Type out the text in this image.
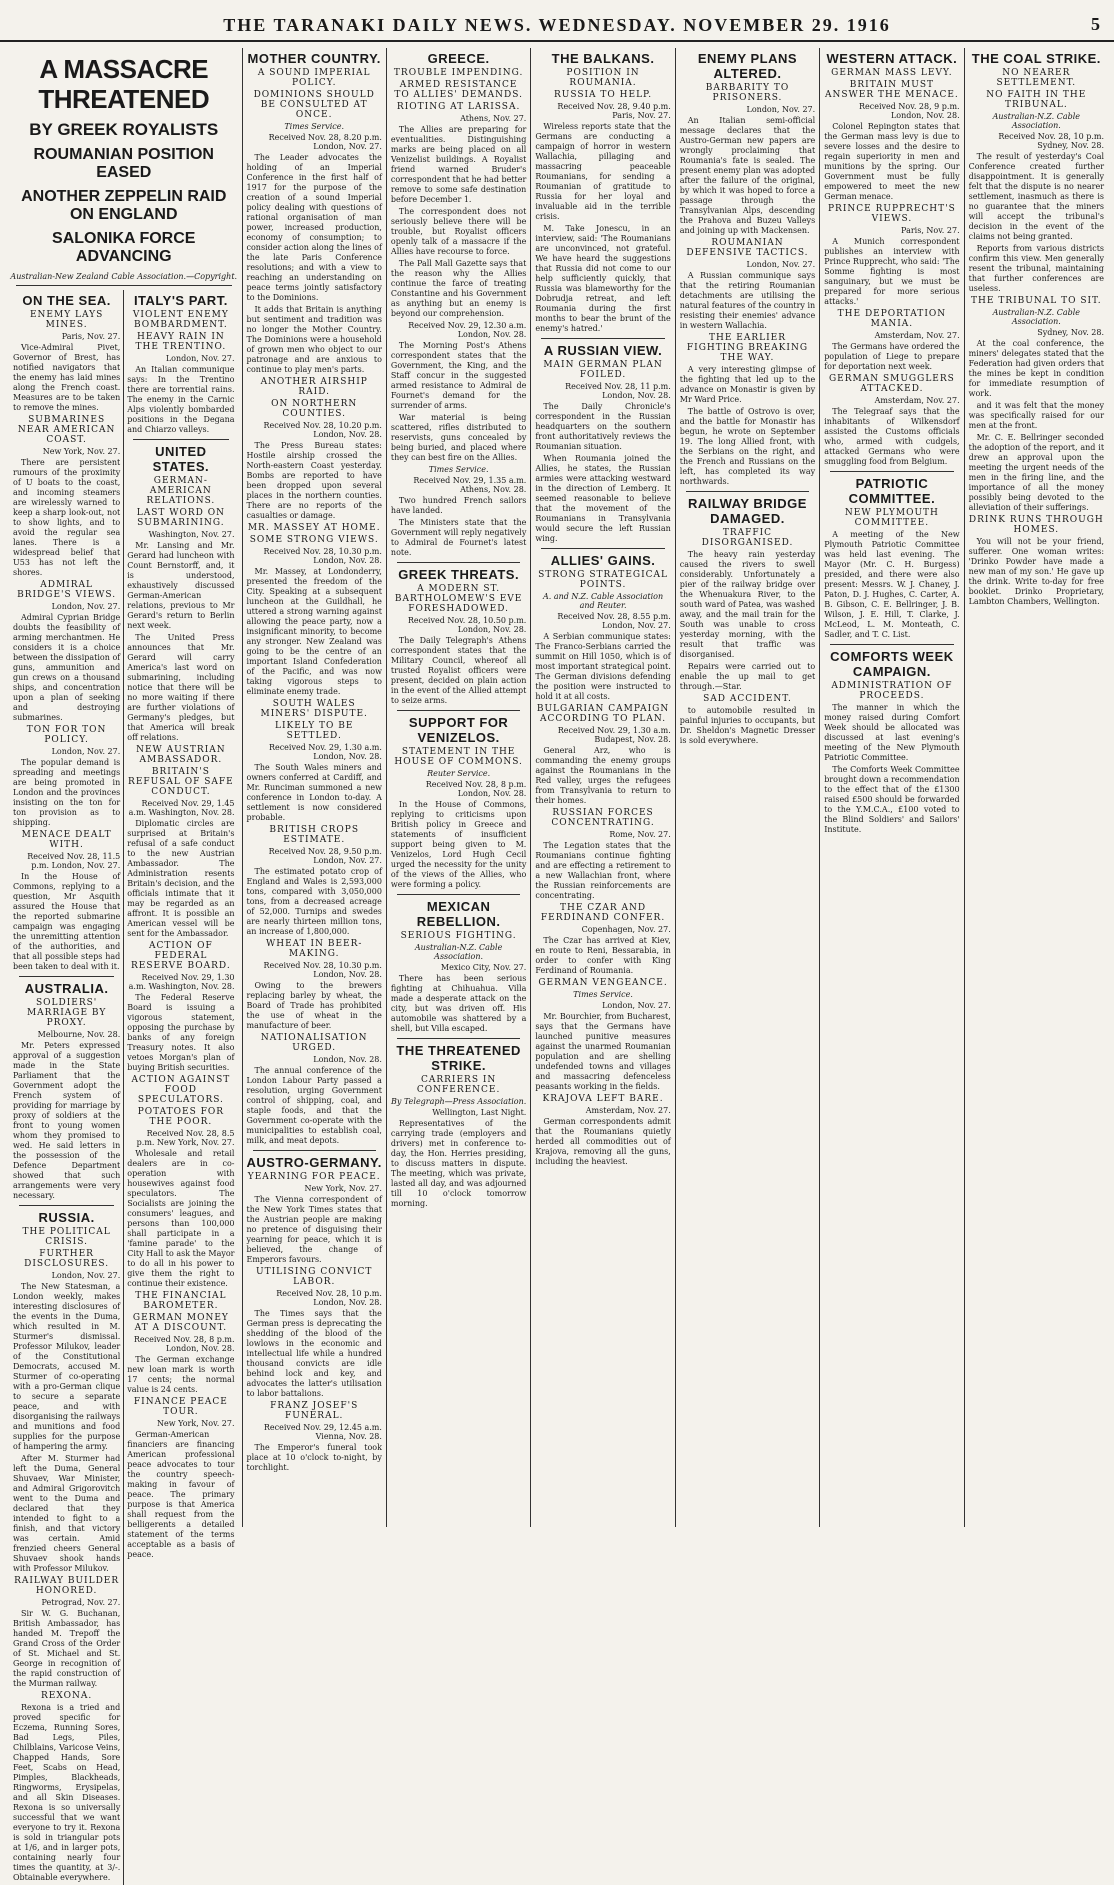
THE TARANAKI DAILY NEWS. WEDNESDAY. NOVEMBER 29. 1916	5
A MASSACRE THREATENED
BY GREEK ROYALISTS
ROUMANIAN POSITION EASED
ANOTHER ZEPPELIN RAID ON ENGLAND
SALONIKA FORCE ADVANCING
Australian-New Zealand Cable Association.—Copyright.
ON THE SEA.
ENEMY LAYS MINES.
Paris, Nov. 27.

Vice-Admiral Pivet, Governor of Brest, has notified navigators that the enemy has laid mines along the French coast. Measures are to be taken to remove the mines.

SUBMARINES NEAR AMERICAN COAST.
New York, Nov. 27.

There are persistent rumours of the proximity of U boats to the coast, and incoming steamers are wirelessly warned to keep a sharp look-out, not to show lights, and to avoid the regular sea lanes. There is a widespread belief that U53 has not left the shores.

ADMIRAL BRIDGE'S VIEWS.
London, Nov. 27.

Admiral Cyprian Bridge doubts the feasibility of arming merchantmen. He considers it is a choice between the dissipation of guns, ammunition and gun crews on a thousand ships, and concentration upon a plan of seeking and destroying submarines.

TON FOR TON POLICY.
London, Nov. 27.

The popular demand is spreading and meetings are being promoted in London and the provinces insisting on the ton for ton provision as to shipping.

MENACE DEALT WITH.
Received Nov. 28, 11.5 p.m. London, Nov. 27.

In the House of Commons, replying to a question, Mr Asquith assured the House that the reported submarine campaign was engaging the unremitting attention of the authorities, and that all possible steps had been taken to deal with it.

AUSTRALIA.
SOLDIERS' MARRIAGE BY PROXY.
Melbourne, Nov. 28.

Mr. Peters expressed approval of a suggestion made in the State Parliament that the Government adopt the French system of providing for marriage by proxy of soldiers at the front to young women whom they promised to wed. He said letters in the possession of the Defence Department showed that such arrangements were very necessary.

RUSSIA.
THE POLITICAL CRISIS.
FURTHER DISCLOSURES.
London, Nov. 27.

The New Statesman, a London weekly, makes interesting disclosures of the events in the Duma, which resulted in M. Sturmer's dismissal. Professor Milukov, leader of the Constitutional Democrats, accused M. Sturmer of co-operating with a pro-German clique to secure a separate peace, and with disorganising the railways and munitions and food supplies for the purpose of hampering the army.

After M. Sturmer had left the Duma, General Shuvaev, War Minister, and Admiral Grigorovitch went to the Duma and declared that they intended to fight to a finish, and that victory was certain. Amid frenzied cheers General Shuvaev shook hands with Professor Milukov.

RAILWAY BUILDER HONORED.
Petrograd, Nov. 27.

Sir W. G. Buchanan, British Ambassador, has handed M. Trepoff the Grand Cross of the Order of St. Michael and St. George in recognition of the rapid construction of the Murman railway.

REXONA.

Rexona is a tried and proved specific for Eczema, Running Sores, Bad Legs, Piles, Chilblains, Varicose Veins, Chapped Hands, Sore Feet, Scabs on Head, Pimples, Blackheads, Ringworms, Erysipelas, and all Skin Diseases. Rexona is so universally successful that we want everyone to try it. Rexona is sold in triangular pots at 1/6, and in larger pots, containing nearly four times the quantity, at 3/-. Obtainable everywhere.

ITALY'S PART.
VIOLENT ENEMY BOMBARDMENT.
HEAVY RAIN IN THE TRENTINO.
London, Nov. 27.

An Italian communique says: In the Trentino there are torrential rains. The enemy in the Carnic Alps violently bombarded positions in the Degana and Chiarzo valleys.

UNITED STATES.
GERMAN-AMERICAN RELATIONS.
LAST WORD ON SUBMARINING.
Washington, Nov. 27.

Mr. Lansing and Mr. Gerard had luncheon with Count Bernstorff, and, it is understood, exhaustively discussed German-American relations, previous to Mr Gerard's return to Berlin next week.

The United Press announces that Mr. Gerard will carry America's last word on submarining, including notice that there will be no more waiting if there are further violations of Germany's pledges, but that America will break off relations.

NEW AUSTRIAN AMBASSADOR.
BRITAIN'S REFUSAL OF SAFE CONDUCT.
Received Nov. 29, 1.45 a.m. Washington, Nov. 28.

Diplomatic circles are surprised at Britain's refusal of a safe conduct to the new Austrian Ambassador. The Administration resents Britain's decision, and the officials intimate that it may be regarded as an affront. It is possible an American vessel will be sent for the Ambassador.

ACTION OF FEDERAL RESERVE BOARD.
Received Nov. 29, 1.30 a.m. Washington, Nov. 28.

The Federal Reserve Board is issuing a vigorous statement, opposing the purchase by banks of any foreign Treasury notes. It also vetoes Morgan's plan of buying British securities.

ACTION AGAINST FOOD SPECULATORS.
POTATOES FOR THE POOR.
Received Nov. 28, 8.5 p.m. New York, Nov. 27.

Wholesale and retail dealers are in co-operation with housewives against food speculators. The Socialists are joining the consumers' leagues, and persons than 100,000 shall participate in a 'famine parade' to the City Hall to ask the Mayor to do all in his power to give them the right to continue their existence.

THE FINANCIAL BAROMETER.
GERMAN MONEY AT A DISCOUNT.
Received Nov. 28, 8 p.m. London, Nov. 28.

The German exchange new loan mark is worth 17 cents; the normal value is 24 cents.

FINANCE PEACE TOUR.
New York, Nov. 27.

German-American financiers are financing American professional peace advocates to tour the country speech-making in favour of peace. The primary purpose is that America shall request from the belligerents a detailed statement of the terms acceptable as a basis of peace.

MOTHER COUNTRY.
A SOUND IMPERIAL POLICY.
DOMINIONS SHOULD BE CONSULTED AT ONCE.
Times Service.
Received Nov. 28, 8.20 p.m. London, Nov. 27.

The Leader advocates the holding of an Imperial Conference in the first half of 1917 for the purpose of the creation of a sound Imperial policy dealing with questions of rational organisation of man power, increased production, economy of consumption; to consider action along the lines of the late Paris Conference resolutions; and with a view to reaching an understanding on peace terms jointly satisfactory to the Dominions.

It adds that Britain is anything but sentiment and tradition was no longer the Mother Country. The Dominions were a household of grown men who object to our patronage and are anxious to continue to play men's parts.

ANOTHER AIRSHIP RAID.
ON NORTHERN COUNTIES.
Received Nov. 28, 10.20 p.m. London, Nov. 28.

The Press Bureau states: Hostile airship crossed the North-eastern Coast yesterday. Bombs are reported to have been dropped upon several places in the northern counties. There are no reports of the casualties or damage.

MR. MASSEY AT HOME.
SOME STRONG VIEWS.
Received Nov. 28, 10.30 p.m. London, Nov. 28.

Mr. Massey, at Londonderry, presented the freedom of the City. Speaking at a subsequent luncheon at the Guildhall, he uttered a strong warning against allowing the peace party, now a insignificant minority, to become any stronger. New Zealand was going to be the centre of an important Island Confederation of the Pacific, and was now taking vigorous steps to eliminate enemy trade.

SOUTH WALES MINERS' DISPUTE.
LIKELY TO BE SETTLED.
Received Nov. 29, 1.30 a.m. London, Nov. 28.

The South Wales miners and owners conferred at Cardiff, and Mr. Runciman summoned a new conference in London to-day. A settlement is now considered probable.

BRITISH CROPS ESTIMATE.
Received Nov. 28, 9.50 p.m. London, Nov. 27.

The estimated potato crop of England and Wales is 2,593,000 tons, compared with 3,050,000 tons, from a decreased acreage of 52,000. Turnips and swedes are nearly thirteen million tons, an increase of 1,800,000.

WHEAT IN BEER-MAKING.
Received Nov. 28, 10.30 p.m. London, Nov. 28.

Owing to the brewers replacing barley by wheat, the Board of Trade has prohibited the use of wheat in the manufacture of beer.

NATIONALISATION URGED.
London, Nov. 28.

The annual conference of the London Labour Party passed a resolution, urging Government control of shipping, coal, and staple foods, and that the Government co-operate with the municipalities to establish coal, milk, and meat depots.

AUSTRO-GERMANY.
YEARNING FOR PEACE.
New York, Nov. 27.

The Vienna correspondent of the New York Times states that the Austrian people are making no pretence of disguising their yearning for peace, which it is believed, the change of Emperors favours.

UTILISING CONVICT LABOR.
Received Nov. 28, 10 p.m. London, Nov. 28.

The Times says that the German press is deprecating the shedding of the blood of the lowlows in the economic and intellectual life while a hundred thousand convicts are idle behind lock and key, and advocates the latter's utilisation to labor battalions.

FRANZ JOSEF'S FUNERAL.
Received Nov. 29, 12.45 a.m. Vienna, Nov. 28.

The Emperor's funeral took place at 10 o'clock to-night, by torchlight.

GREECE.
TROUBLE IMPENDING.
ARMED RESISTANCE TO ALLIES' DEMANDS.
RIOTING AT LARISSA.
Athens, Nov. 27.

The Allies are preparing for eventualities. Distinguishing marks are being placed on all Venizelist buildings. A Royalist friend warned Bruder's correspondent that he had better remove to some safe destination before December 1.

The correspondent does not seriously believe there will be trouble, but Royalist officers openly talk of a massacre if the Allies have recourse to force.

The Pall Mall Gazette says that the reason why the Allies continue the farce of treating Constantine and his Government as anything but an enemy is beyond our comprehension.

Received Nov. 29, 12.30 a.m. London, Nov. 28.

The Morning Post's Athens correspondent states that the Government, the King, and the Staff concur in the suggested armed resistance to Admiral de Fournet's demand for the surrender of arms.

War material is being scattered, rifles distributed to reservists, guns concealed by being buried, and placed where they can best fire on the Allies.

Times Service.
Received Nov. 29, 1.35 a.m. Athens, Nov. 28.

Two hundred French sailors have landed.

The Ministers state that the Government will reply negatively to Admiral de Fournet's latest note.

GREEK THREATS.
A MODERN ST. BARTHOLOMEW'S EVE FORESHADOWED.
Received Nov. 28, 10.50 p.m. London, Nov. 28.

The Daily Telegraph's Athens correspondent states that the Military Council, whereof all trusted Royalist officers were present, decided on plain action in the event of the Allied attempt to seize arms.

SUPPORT FOR VENIZELOS.
STATEMENT IN THE HOUSE OF COMMONS.
Reuter Service.
Received Nov. 28, 8 p.m. London, Nov. 28.

In the House of Commons, replying to criticisms upon British policy in Greece and statements of insufficient support being given to M. Venizelos, Lord Hugh Cecil urged the necessity for the unity of the views of the Allies, who were forming a policy.

MEXICAN REBELLION.
SERIOUS FIGHTING.
Australian-N.Z. Cable Association.
Mexico City, Nov. 27.

There has been serious fighting at Chihuahua. Villa made a desperate attack on the city, but was driven off. His automobile was shattered by a shell, but Villa escaped.

THE THREATENED STRIKE.
CARRIERS IN CONFERENCE.
By Telegraph—Press Association.
Wellington, Last Night.

Representatives of the carrying trade (employers and drivers) met in conference to-day, the Hon. Herries presiding, to discuss matters in dispute. The meeting, which was private, lasted all day, and was adjourned till 10 o'clock tomorrow morning.

THE BALKANS.
POSITION IN ROUMANIA.
RUSSIA TO HELP.
Received Nov. 28, 9.40 p.m. Paris, Nov. 27.

Wireless reports state that the Germans are conducting a campaign of horror in western Wallachia, pillaging and massacring peaceable Roumanians, for sending a Roumanian of gratitude to Russia for her loyal and invaluable aid in the terrible crisis.

M. Take Jonescu, in an interview, said: 'The Roumanians are unconvinced, not grateful. We have heard the suggestions that Russia did not come to our help sufficiently quickly, that Russia was blameworthy for the Dobrudja retreat, and left Roumania during the first months to bear the brunt of the enemy's hatred.'

A RUSSIAN VIEW.
MAIN GERMAN PLAN FOILED.
Received Nov. 28, 11 p.m. London, Nov. 28.

The Daily Chronicle's correspondent in the Russian headquarters on the southern front authoritatively reviews the Roumanian situation.

When Roumania joined the Allies, he states, the Russian armies were attacking westward in the direction of Lemberg. It seemed reasonable to believe that the movement of the Roumanians in Transylvania would secure the left Russian wing.

ALLIES' GAINS.
STRONG STRATEGICAL POINTS.
A. and N.Z. Cable Association and Reuter.
Received Nov. 28, 8.55 p.m. London, Nov. 27.

A Serbian communique states: The Franco-Serbians carried the summit on Hill 1050, which is of most important strategical point. The German divisions defending the position were instructed to hold it at all costs.

BULGARIAN CAMPAIGN ACCORDING TO PLAN.
Received Nov. 29, 1.30 a.m. Budapest, Nov. 28.

General Arz, who is commanding the enemy groups against the Roumanians in the Red valley, urges the refugees from Transylvania to return to their homes.

RUSSIAN FORCES CONCENTRATING.
Rome, Nov. 27.

The Legation states that the Roumanians continue fighting and are effecting a retirement to a new Wallachian front, where the Russian reinforcements are concentrating.

THE CZAR AND FERDINAND CONFER.
Copenhagen, Nov. 27.

The Czar has arrived at Kiev, en route to Reni, Bessarabia, in order to confer with King Ferdinand of Roumania.

GERMAN VENGEANCE.
Times Service.
London, Nov. 27.

Mr. Bourchier, from Bucharest, says that the Germans have launched punitive measures against the unarmed Roumanian population and are shelling undefended towns and villages and massacring defenceless peasants working in the fields.

KRAJOVA LEFT BARE.
Amsterdam, Nov. 27.

German correspondents admit that the Roumanians quietly herded all commodities out of Krajova, removing all the guns, including the heaviest.

ENEMY PLANS ALTERED.
BARBARITY TO PRISONERS.
London, Nov. 27.

An Italian semi-official message declares that the Austro-German new papers are wrongly proclaiming that Roumania's fate is sealed. The present enemy plan was adopted after the failure of the original, by which it was hoped to force a passage through the Transylvanian Alps, descending the Prahova and Buzeu Valleys and joining up with Mackensen.

ROUMANIAN DEFENSIVE TACTICS.
London, Nov. 27.

A Russian communique says that the retiring Roumanian detachments are utilising the natural features of the country in resisting their enemies' advance in western Wallachia.

THE EARLIER FIGHTING BREAKING THE WAY.

A very interesting glimpse of the fighting that led up to the advance on Monastir is given by Mr Ward Price.

The battle of Ostrovo is over, and the battle for Monastir has begun, he wrote on September 19. The long Allied front, with the Serbians on the right, and the French and Russians on the left, has completed its way northwards.

RAILWAY BRIDGE DAMAGED.
TRAFFIC DISORGANISED.

The heavy rain yesterday caused the rivers to swell considerably. Unfortunately a pier of the railway bridge over the Whenuakura River, to the south ward of Patea, was washed away, and the mail train for the South was unable to cross yesterday morning, with the result that traffic was disorganised.

Repairs were carried out to enable the up mail to get through.—Star.

SAD ACCIDENT.

to automobile resulted in painful injuries to occupants, but Dr. Sheldon's Magnetic Dresser is sold everywhere.

WESTERN ATTACK.
GERMAN MASS LEVY.
BRITAIN MUST ANSWER THE MENACE.
Received Nov. 28, 9 p.m. London, Nov. 28.

Colonel Repington states that the German mass levy is due to severe losses and the desire to regain superiority in men and munitions by the spring. Our Government must be fully empowered to meet the new German menace.

PRINCE RUPPRECHT'S VIEWS.
Paris, Nov. 27.

A Munich correspondent publishes an interview with Prince Rupprecht, who said: 'The Somme fighting is most sanguinary, but we must be prepared for more serious attacks.'

THE DEPORTATION MANIA.
Amsterdam, Nov. 27.

The Germans have ordered the population of Liege to prepare for deportation next week.

GERMAN SMUGGLERS ATTACKED.
Amsterdam, Nov. 27.

The Telegraaf says that the inhabitants of Wilkensdorf assisted the Customs officials who, armed with cudgels, attacked Germans who were smuggling food from Belgium.

PATRIOTIC COMMITTEE.
NEW PLYMOUTH COMMITTEE.

A meeting of the New Plymouth Patriotic Committee was held last evening. The Mayor (Mr. C. H. Burgess) presided, and there were also present: Messrs. W. J. Chaney, J. Paton, D. J. Hughes, C. Carter, A. B. Gibson, C. E. Bellringer, J. B. Wilson, J. E. Hill, T. Clarke, J. McLeod, L. M. Monteath, C. Sadler, and T. C. List.

COMFORTS WEEK CAMPAIGN.
ADMINISTRATION OF PROCEEDS.

The manner in which the money raised during Comfort Week should be allocated was discussed at last evening's meeting of the New Plymouth Patriotic Committee.

The Comforts Week Committee brought down a recommendation to the effect that of the £1300 raised £500 should be forwarded to the Y.M.C.A., £100 voted to the Blind Soldiers' and Sailors' Institute.

THE COAL STRIKE.
NO NEARER SETTLEMENT.
NO FAITH IN THE TRIBUNAL.
Australian-N.Z. Cable Association.
Received Nov. 28, 10 p.m. Sydney, Nov. 28.

The result of yesterday's Coal Conference created further disappointment. It is generally felt that the dispute is no nearer settlement, inasmuch as there is no guarantee that the miners will accept the tribunal's decision in the event of the claims not being granted.

Reports from various districts confirm this view. Men generally resent the tribunal, maintaining that further conferences are useless.

THE TRIBUNAL TO SIT.
Australian-N.Z. Cable Association.
Sydney, Nov. 28.

At the coal conference, the miners' delegates stated that the Federation had given orders that the mines be kept in condition for immediate resumption of work.

and it was felt that the money was specifically raised for our men at the front.

Mr. C. E. Bellringer seconded the adoption of the report, and it drew an approval upon the meeting the urgent needs of the men in the firing line, and the importance of all the money possibly being devoted to the alleviation of their sufferings.

DRINK RUNS THROUGH HOMES.

You will not be your friend, sufferer. One woman writes: 'Drinko Powder have made a new man of my son.' He gave up the drink. Write to-day for free booklet. Drinko Proprietary, Lambton Chambers, Wellington.
